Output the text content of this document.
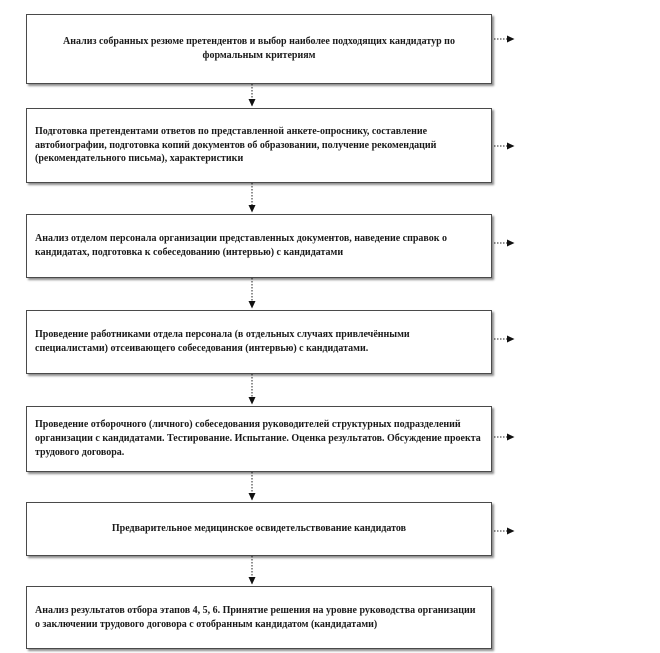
Анализ собранных резюме претендентов и выбор наиболее подходящих кандидатур по формальным критериям
Подготовка претендентами ответов по представленной анкете-опроснику, составление автобиографии, подготовка копий документов об образовании, получение рекомендаций (рекомендательного письма), характеристики
Анализ отделом персонала организации представленных документов, наведение справок о кандидатах, подготовка к собеседованию (интервью) с кандидатами
Проведение работниками отдела персонала (в отдельных случаях привлечёнными специалистами) отсеивающего собеседования (интервью) с кандидатами.
Проведение отборочного (личного) собеседования руководителей структурных подразделений организации с кандидатами. Тестирование. Испытание. Оценка результатов. Обсуждение проекта трудового договора.
Предварительное медицинское освидетельствование кандидатов
Анализ результатов отбора этапов 4, 5, 6. Принятие решения на уровне руководства организации о заключении трудового договора с отобранным кандидатом (кандидатами)
